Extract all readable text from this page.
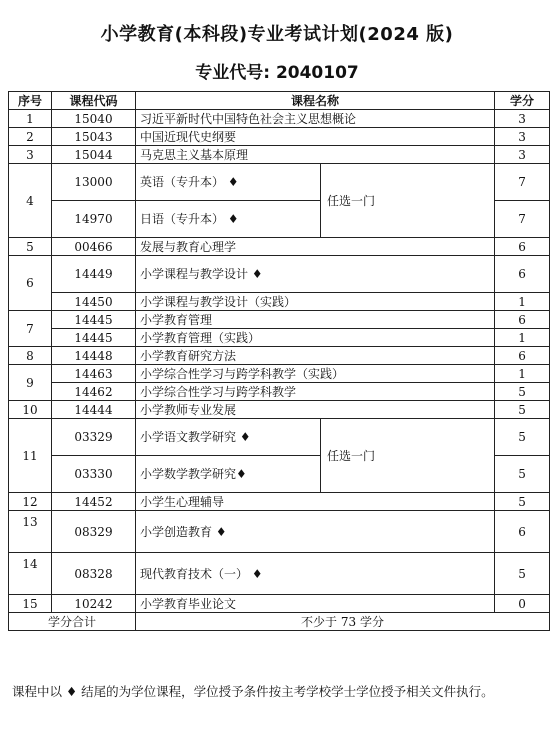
小学教育(本科段)专业考试计划(2024 版)
专业代号: 2040107
序号	课程代码	课程名称		学分
1	15040	习近平新时代中国特色社会主义思想概论		3
2	15043	中国近现代史纲要		3
3	15044	马克思主义基本原理		3
4	13000	英语（专升本） ♦	任选一门	7
	14970	日语（专升本） ♦		7
5	00466	发展与教育心理学		6
6	14449	小学课程与教学设计 ♦		6
	14450	小学课程与教学设计（实践）		1
7	14445	小学教育管理		6
	14445	小学教育管理（实践）		1
8	14448	小学教育研究方法		6
9	14463	小学综合性学习与跨学科教学（实践）		1
	14462	小学综合性学习与跨学科教学		5
10	14444	小学教师专业发展		5
11	03329	小学语文教学研究 ♦	任选一门	5
	03330	小学数学教学研究♦		5
12	14452	小学生心理辅导		5
13	08329	小学创造教育 ♦		6
14	08328	现代教育技术（一） ♦		5
15	10242	小学教育毕业论文		0
学分合计		不少于 73 学分		
课程中以 ♦ 结尾的为学位课程，学位授予条件按主考学校学士学位授予相关文件执行。
